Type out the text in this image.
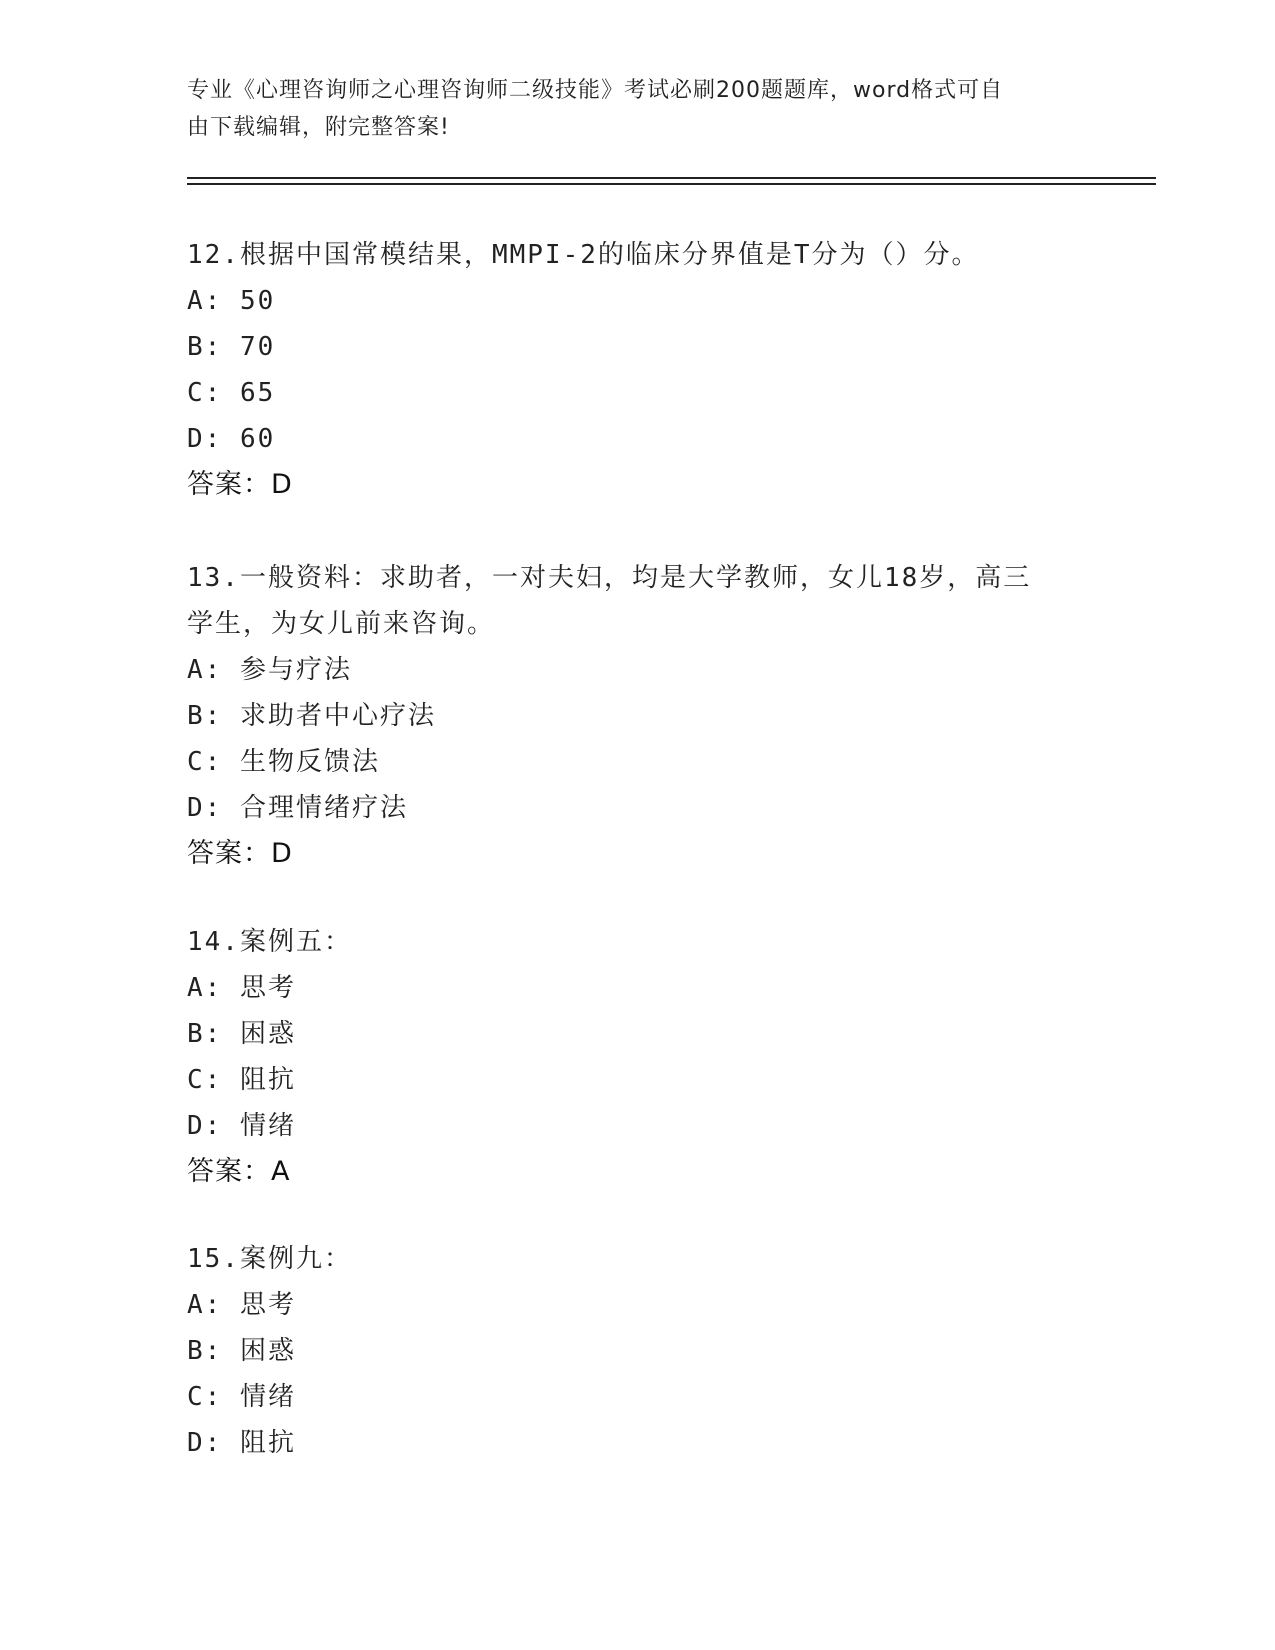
专业《心理咨询师之心理咨询师二级技能》考试必刷200题题库，word格式可自
由下载编辑，附完整答案!
12.根据中国常模结果，MMPI-2的临床分界值是T分为（）分。
A: 50
B: 70
C: 65
D: 60
答案：D
13.一般资料：求助者，一对夫妇，均是大学教师，女儿18岁，高三
学生，为女儿前来咨询。
A: 参与疗法
B: 求助者中心疗法
C: 生物反馈法
D: 合理情绪疗法
答案：D
14.案例五：
A: 思考
B: 困惑
C: 阻抗
D: 情绪
答案：A
15.案例九：
A: 思考
B: 困惑
C: 情绪
D: 阻抗
